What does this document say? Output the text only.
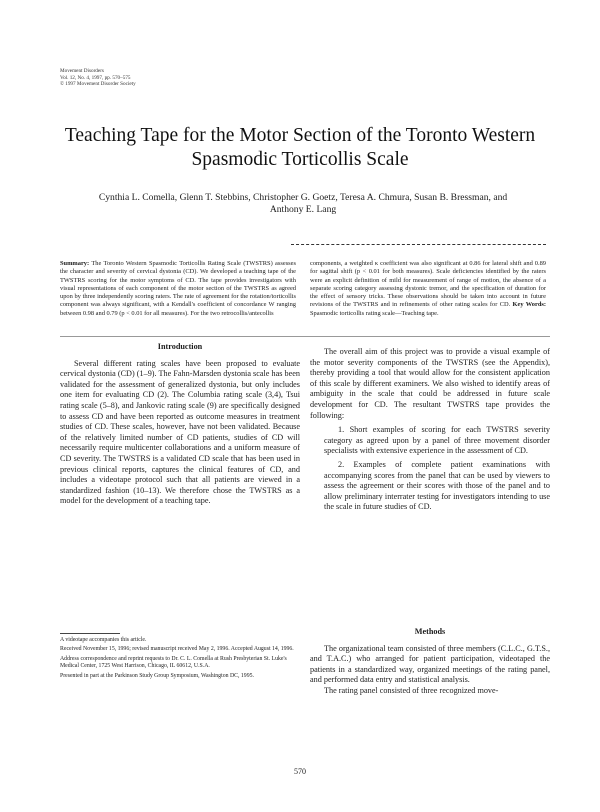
Movement Disorders
Vol. 12, No. 4, 1997, pp. 570–575
© 1997 Movement Disorder Society
Teaching Tape for the Motor Section of the Toronto Western Spasmodic Torticollis Scale
Cynthia L. Comella, Glenn T. Stebbins, Christopher G. Goetz, Teresa A. Chmura, Susan B. Bressman, and Anthony E. Lang
Summary: The Toronto Western Spasmodic Torticollis Rating Scale (TWSTRS) assesses the character and severity of cervical dystonia (CD). We developed a teaching tape of the TWSTRS scoring for the motor symptoms of CD. The tape provides investigators with visual representations of each component of the motor section of the TWSTRS as agreed upon by three independently scoring raters. The rate of agreement for the rotation/torticollis component was always significant, with a Kendall's coefficient of concordance W ranging between 0.98 and 0.79 (p < 0.01 for all measures). For the two retrocollis/antecollis
components, a weighted κ coefficient was also significant at 0.86 for lateral shift and 0.89 for sagittal shift (p < 0.01 for both measures). Scale deficiencies identified by the raters were an explicit definition of mild for measurement of range of motion, the absence of a separate scoring category assessing dystonic tremor, and the specification of duration for the effect of sensory tricks. These observations should be taken into account in future revisions of the TWSTRS and in refinements of other rating scales for CD. Key Words: Spasmodic torticollis rating scale—Teaching tape.
Introduction

Several different rating scales have been proposed to evaluate cervical dystonia (CD) (1–9). The Fahn-Marsden dystonia scale has been validated for the assessment of generalized dystonia, but only includes one item for evaluating CD (2). The Columbia rating scale (3,4), Tsui rating scale (5–8), and Jankovic rating scale (9) are specifically designed to assess CD and have been reported as outcome measures in treatment studies of CD. These scales, however, have not been validated. Because of the relatively limited number of CD patients, studies of CD will necessarily require multicenter collaborations and a uniform measure of CD severity. The TWSTRS is a validated CD scale that has been used in previous clinical reports, captures the clinical features of CD, and includes a videotape protocol such that all patients are viewed in a standardized fashion (10–13). We therefore chose the TWSTRS as a model for the development of a teaching tape.

The overall aim of this project was to provide a visual example of the motor severity components of the TWSTRS (see the Appendix), thereby providing a tool that would allow for the consistent application of this scale by different examiners. We also wished to identify areas of ambiguity in the scale that could be addressed in future scale development for CD. The resultant TWSTRS tape provides the following:

1. Short examples of scoring for each TWSTRS severity category as agreed upon by a panel of three movement disorder specialists with extensive experience in the assessment of CD.

2. Examples of complete patient examinations with accompanying scores from the panel that can be used by viewers to assess the agreement or their scores with those of the panel and to allow preliminary interrater testing for investigators intending to use the scale in future studies of CD.

Methods

The organizational team consisted of three members (C.L.C., G.T.S., and T.A.C.) who arranged for patient participation, videotaped the patients in a standardized way, organized meetings of the rating panel, and performed data entry and statistical analysis.

The rating panel consisted of three recognized move-

A videotape accompanies this article.
Received November 15, 1996; revised manuscript received May 2, 1996. Accepted August 14, 1996.
Address correspondence and reprint requests to Dr. C. L. Comella at Rush Presbyterian St. Luke's Medical Center, 1725 West Harrison, Chicago, IL 60612, U.S.A.
Presented in part at the Parkinson Study Group Symposium, Washington DC, 1995.
570
